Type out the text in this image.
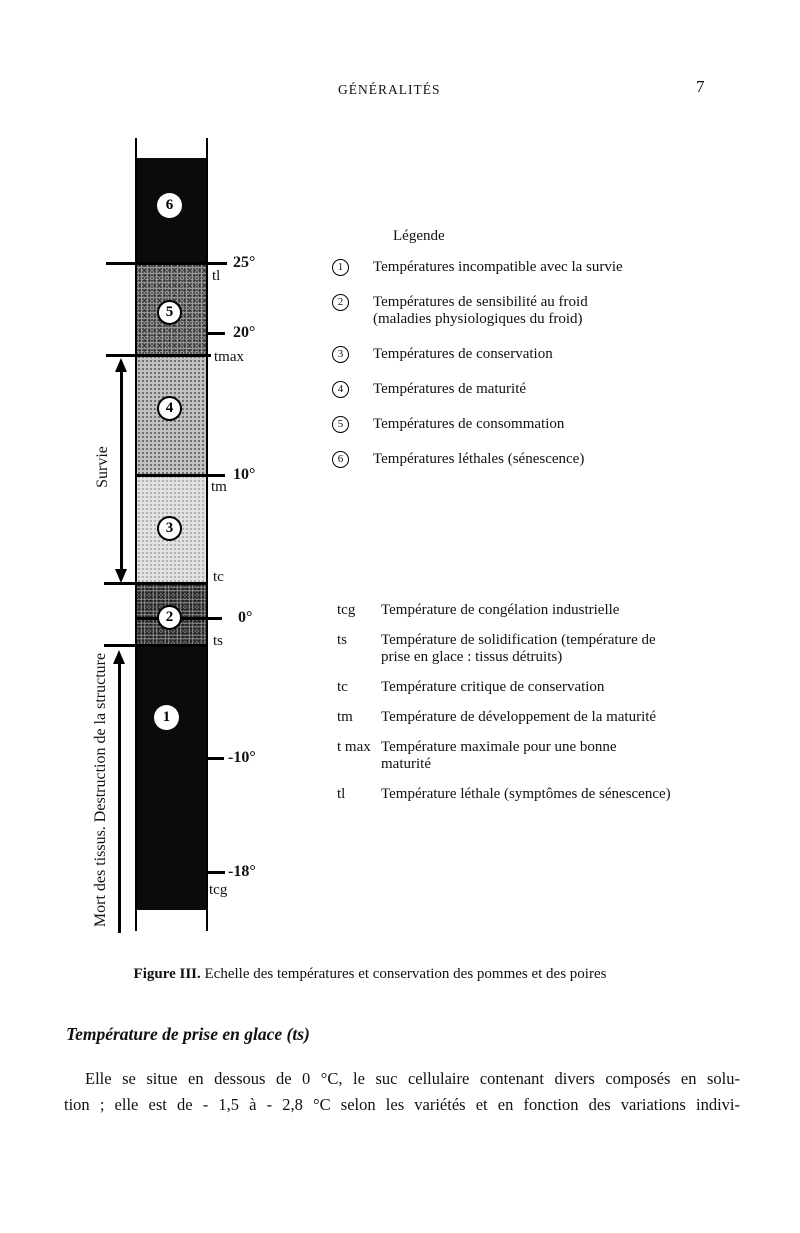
GÉNÉRALITÉS	7
6
5
4
3
2
1
25°
20°
10°
0°
-10°
-18°
tl
tmax
tm
tc
ts
tcg
Survie
Mort des tissus. Destruction de la structure
Légende
1	Températures incompatible avec la survie
2	Températures de sensibilité au froid
(maladies physiologiques du froid)
3	Températures de conservation
4	Températures de maturité
5	Températures de consommation
6	Températures léthales (sénescence)
tcg	Température de congélation industrielle
ts	Température de solidification (température de
prise en glace : tissus détruits)
tc	Température critique de conservation
tm	Température de développement de la maturité
t max Température maximale pour une bonne
maturité
tl	Température léthale (symptômes de sénescence)
Figure III. Echelle des températures et conservation des pommes et des poires
Température de prise en glace (ts)
Elle se situe en dessous de 0 °C, le suc cellulaire contenant divers composés en solu-
tion ; elle est de - 1,5 à - 2,8 °C selon les variétés et en fonction des variations indivi-
